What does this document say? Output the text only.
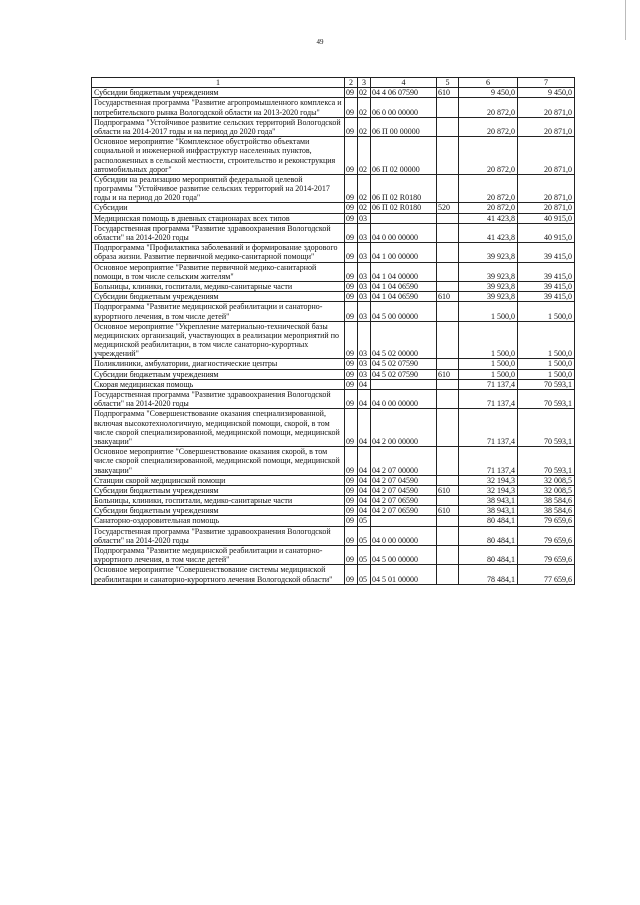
49
1	2	3	4	5	6	7
Субсидии бюджетным учреждениям	09	02	04 4 06 07590	610	9 450,0	9 450,0
Государственная программа "Развитие агропромышленного комплекса и потребительского рынка Вологодской области на 2013-2020 годы"	09	02	06 0 00 00000		20 872,0	20 871,0
Подпрограмма "Устойчивое развитие сельских территорий Вологодской области на 2014-2017 годы и на период до 2020 года"	09	02	06 П 00 00000		20 872,0	20 871,0
Основное мероприятие "Комплексное обустройство объектами социальной и инженерной инфраструктур населенных пунктов, расположенных в сельской местности, строительство и реконструкция автомобильных дорог"	09	02	06 П 02 00000		20 872,0	20 871,0
Субсидии на реализацию мероприятий федеральной целевой программы "Устойчивое развитие сельских территорий на 2014-2017 годы и на период до 2020 года"	09	02	06 П 02 R0180		20 872,0	20 871,0
Субсидии	09	02	06 П 02 R0180	520	20 872,0	20 871,0
Медицинская помощь в дневных стационарах всех типов	09	03			41 423,8	40 915,0
Государственная программа "Развитие здравоохранения Вологодской области" на 2014-2020 годы	09	03	04 0 00 00000		41 423,8	40 915,0
Подпрограмма "Профилактика заболеваний и формирование здорового образа жизни. Развитие первичной медико-санитарной помощи"	09	03	04 1 00 00000		39 923,8	39 415,0
Основное мероприятие "Развитие первичной медико-санитарной помощи, в том числе сельским жителям"	09	03	04 1 04 00000		39 923,8	39 415,0
Больницы, клиники, госпитали, медико-санитарные части	09	03	04 1 04 06590		39 923,8	39 415,0
Субсидии бюджетным учреждениям	09	03	04 1 04 06590	610	39 923,8	39 415,0
Подпрограмма "Развитие медицинской реабилитации и санаторно-курортного лечения, в том числе детей"	09	03	04 5 00 00000		1 500,0	1 500,0
Основное мероприятие "Укрепление материально-технической базы медицинских организаций, участвующих в реализации мероприятий по медицинской реабилитации, в том числе санаторно-курортных учреждений"	09	03	04 5 02 00000		1 500,0	1 500,0
Поликлиники, амбулатории, диагностические центры	09	03	04 5 02 07590		1 500,0	1 500,0
Субсидии бюджетным учреждениям	09	03	04 5 02 07590	610	1 500,0	1 500,0
Скорая медицинская помощь	09	04			71 137,4	70 593,1
Государственная программа "Развитие здравоохранения Вологодской области" на 2014-2020 годы	09	04	04 0 00 00000		71 137,4	70 593,1
Подпрограмма "Совершенствование оказания специализированной, включая высокотехнологичную, медицинской помощи, скорой, в том числе скорой специализированной, медицинской помощи, медицинской эвакуации"	09	04	04 2 00 00000		71 137,4	70 593,1
Основное мероприятие "Совершенствование оказания скорой, в том числе скорой специализированной, медицинской помощи, медицинской эвакуации"	09	04	04 2 07 00000		71 137,4	70 593,1
Станции скорой медицинской помощи	09	04	04 2 07 04590		32 194,3	32 008,5
Субсидии бюджетным учреждениям	09	04	04 2 07 04590	610	32 194,3	32 008,5
Больницы, клиники, госпитали, медико-санитарные части	09	04	04 2 07 06590		38 943,1	38 584,6
Субсидии бюджетным учреждениям	09	04	04 2 07 06590	610	38 943,1	38 584,6
Санаторно-оздоровительная помощь	09	05			80 484,1	79 659,6
Государственная программа "Развитие здравоохранения Вологодской области" на 2014-2020 годы	09	05	04 0 00 00000		80 484,1	79 659,6
Подпрограмма "Развитие медицинской реабилитации и санаторно-курортного лечения, в том числе детей"	09	05	04 5 00 00000		80 484,1	79 659,6
Основное мероприятие "Совершенствование системы медицинской реабилитации и санаторно-курортного лечения Вологодской области"	09	05	04 5 01 00000		78 484,1	77 659,6
